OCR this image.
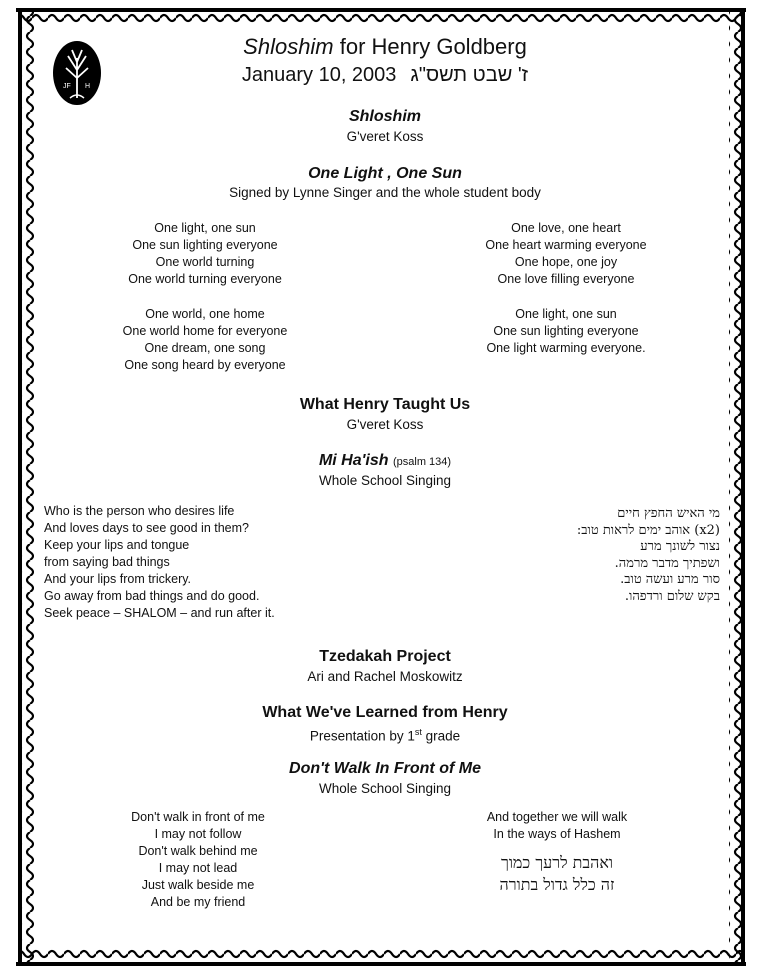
JF H
Shloshim for Henry Goldberg
January 10, 2003 ז' שבט תשס"ג
Shloshim
G'veret Koss
One Light , One Sun
Signed by Lynne Singer and the whole student body
One light, one sun
One sun lighting everyone
One world turning
One world turning everyone
One love, one heart
One heart warming everyone
One hope, one joy
One love filling everyone
One world, one home
One world home for everyone
One dream, one song
One song heard by everyone
One light, one sun
One sun lighting everyone
One light warming everyone.
What Henry Taught Us
G'veret Koss
Mi Ha'ish (psalm 134)
Whole School Singing
Who is the person who desires life
And loves days to see good in them?
Keep your lips and tongue
from saying bad things
And your lips from trickery.
Go away from bad things and do good.
Seek peace – SHALOM – and run after it.
מי האיש החפץ חיים
(x2) אוהב ימים לראות טוב:
נצור לשונך מרע
ושפתיך מדבר מרמה.
סור מרע ועשה טוב.
בקש שלום ורדפהו.
Tzedakah Project
Ari and Rachel Moskowitz
What We've Learned from Henry
Presentation by 1st grade
Don't Walk In Front of Me
Whole School Singing
Don't walk in front of me
I may not follow
Don't walk behind me
I may not lead
Just walk beside me
And be my friend
And together we will walk
In the ways of Hashem
ואהבת לרעך כמוך
זה כלל גדול בתורה
